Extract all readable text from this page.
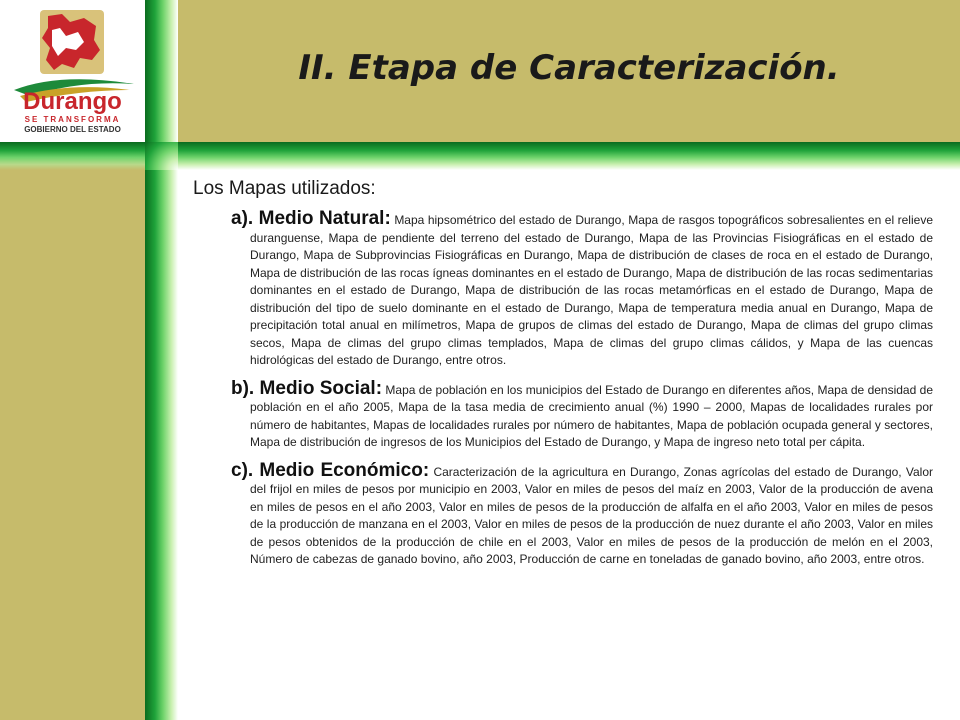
Durango
SE TRANSFORMA
GOBIERNO DEL ESTADO
II. Etapa de Caracterización.

Los Mapas utilizados:

a). Medio Natural: Mapa hipsométrico del estado de Durango, Mapa de rasgos topográficos sobresalientes en el relieve duranguense, Mapa de pendiente del terreno del estado de Durango, Mapa de las Provincias Fisiográficas en el estado de Durango, Mapa de Subprovincias Fisiográficas en Durango, Mapa de distribución de clases de roca en el estado de Durango, Mapa de distribución de las rocas ígneas dominantes en el estado de Durango, Mapa de distribución de las rocas sedimentarias dominantes en el estado de Durango, Mapa de distribución de las rocas metamórficas en el estado de Durango, Mapa de distribución del tipo de suelo dominante en el estado de Durango, Mapa de temperatura media anual en Durango, Mapa de precipitación total anual en milímetros, Mapa de grupos de climas del estado de Durango, Mapa de climas del grupo climas secos, Mapa de climas del grupo climas templados, Mapa de climas del grupo climas cálidos, y Mapa de las cuencas hidrológicas del estado de Durango, entre otros.

b). Medio Social: Mapa de población en los municipios del Estado de Durango en diferentes años, Mapa de densidad de población en el año 2005, Mapa de la tasa media de crecimiento anual (%) 1990 – 2000, Mapas de localidades rurales por número de habitantes, Mapas de localidades rurales por número de habitantes, Mapa de población ocupada general y sectores, Mapa de distribución de ingresos de los Municipios del Estado de Durango, y Mapa de ingreso neto total per cápita.

c). Medio Económico: Caracterización de la agricultura en Durango, Zonas agrícolas del estado de Durango, Valor del frijol en miles de pesos por municipio en 2003, Valor en miles de pesos del maíz en 2003, Valor de la producción de avena en miles de pesos en el año 2003, Valor en miles de pesos de la producción de alfalfa en el año 2003, Valor en miles de pesos de la producción de manzana en el 2003, Valor en miles de pesos de la producción de nuez durante el año 2003, Valor en miles de pesos obtenidos de la producción de chile en el 2003, Valor en miles de pesos de la producción de melón en el 2003, Número de cabezas de ganado bovino, año 2003, Producción de carne en toneladas de ganado bovino, año 2003, entre otros.
